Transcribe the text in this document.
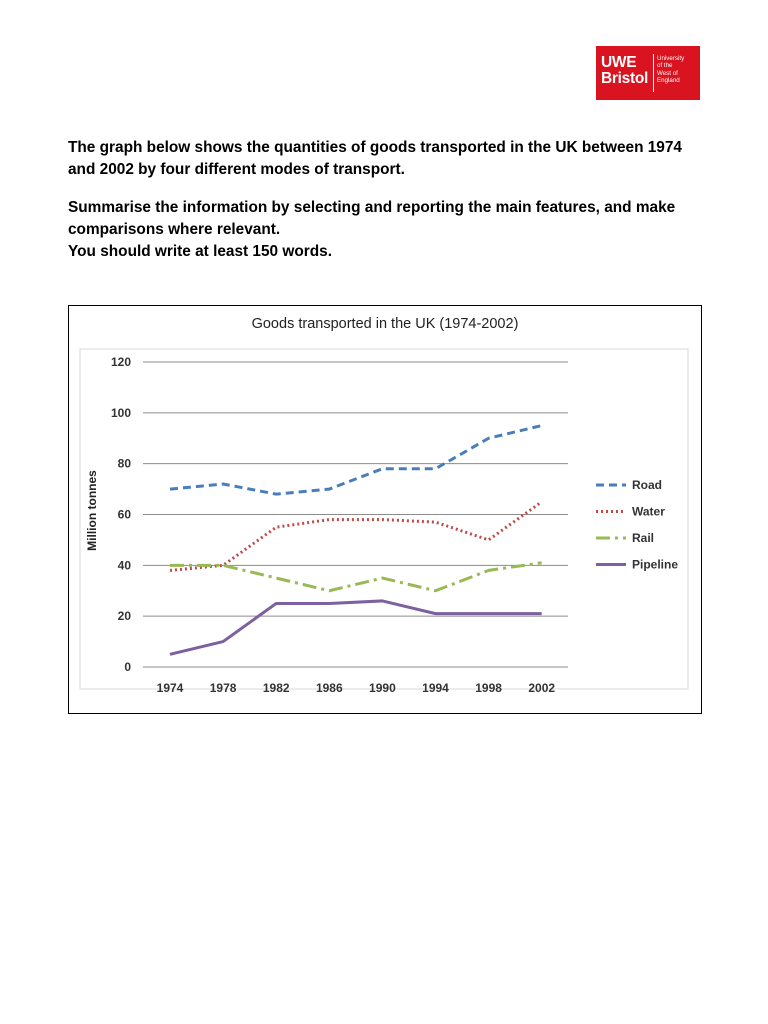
UWE
Bristol
University
of the
West of
England

The graph below shows the quantities of goods transported in the UK between 1974 and 2002 by four different modes of transport.

Summarise the information by selecting and reporting the main features, and make comparisons where relevant.

You should write at least 150 words.

Goods transported in the UK (1974-2002)
0
20
40
60
80
100
120
1974 1978 1982 1986 1990 1994 1998 2002
Million tonnes	Road
Water
Rail
Pipeline
